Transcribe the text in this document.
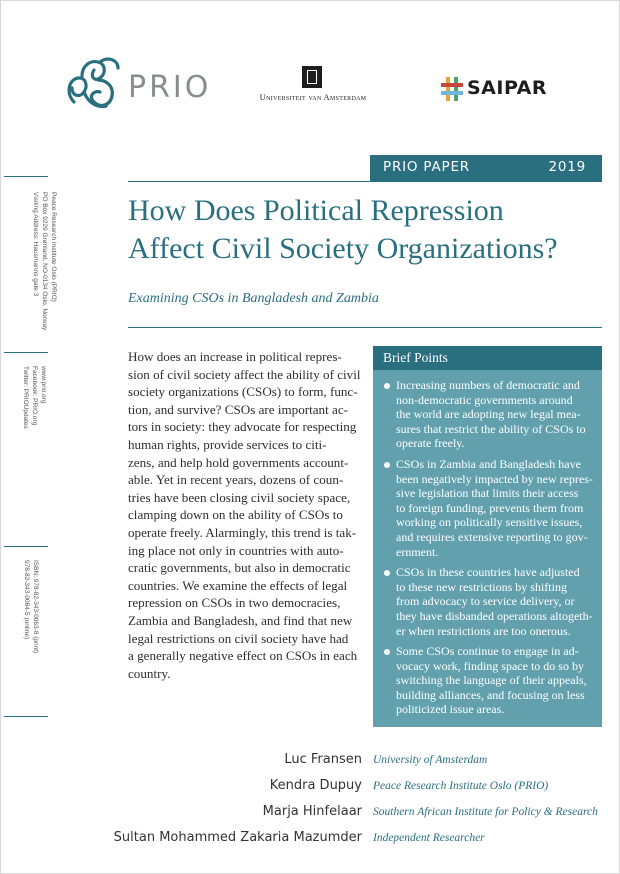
PRIO	Universiteit van Amsterdam	SAIPAR
Peace Research Institute Oslo (PRIO)
PO Box 9229 Grønland, NO-0134 Oslo, Norway
Visiting Address: Hausmanns gate 3
www.prio.org
Facebook: PRIO.org
Twitter: PRIOUpdates
ISBN: 978-82-343-0063-8 (print)
978-82-343-0064-5 (online)
PRIO PAPER	2019
How Does Political Repression
Affect Civil Society Organizations?
Examining CSOs in Bangladesh and Zambia
How does an increase in political repres-
sion of civil society affect the ability of civil
society organizations (CSOs) to form, func-
tion, and survive? CSOs are important ac-
tors in society: they advocate for respecting
human rights, provide services to citi-
zens, and help hold governments account-
able. Yet in recent years, dozens of coun-
tries have been closing civil society space,
clamping down on the ability of CSOs to
operate freely. Alarmingly, this trend is tak-
ing place not only in countries with auto-
cratic governments, but also in democratic
countries. We examine the effects of legal
repression on CSOs in two democracies,
Zambia and Bangladesh, and find that new
legal restrictions on civil society have had
a generally negative effect on CSOs in each
country.
Brief Points
Increasing numbers of democratic and
non-democratic governments around
the world are adopting new legal mea-
sures that restrict the ability of CSOs to
operate freely.
CSOs in Zambia and Bangladesh have
been negatively impacted by new repres-
sive legislation that limits their access
to foreign funding, prevents them from
working on politically sensitive issues,
and requires extensive reporting to gov-
ernment.
CSOs in these countries have adjusted
to these new restrictions by shifting
from advocacy to service delivery, or
they have disbanded operations altogeth-
er when restrictions are too onerous.
Some CSOs continue to engage in ad-
vocacy work, finding space to do so by
switching the language of their appeals,
building alliances, and focusing on less
politicized issue areas.
Luc Fransen University of Amsterdam
Kendra Dupuy Peace Research Institute Oslo (PRIO)
Marja Hinfelaar Southern African Institute for Policy & Research
Sultan Mohammed Zakaria Mazumder Independent Researcher
